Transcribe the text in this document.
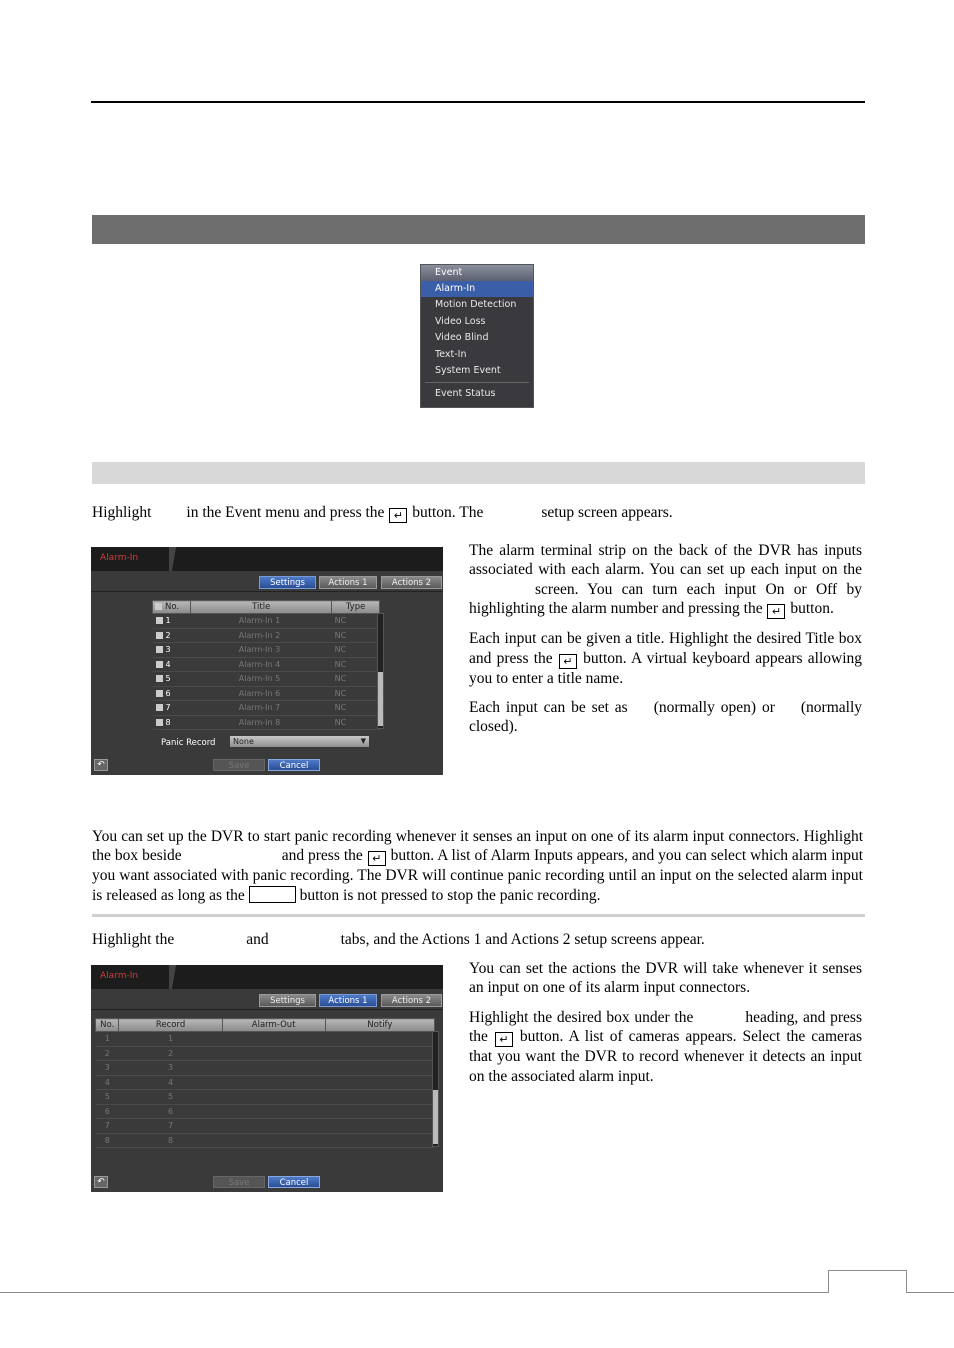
Event
Alarm-In
Motion Detection
Video Loss
Video Blind
Text-In
System Event
Event Status
Highlight in the Event menu and press the ↵ button. The	setup screen appears.
Alarm-In
Settings	Actions 1	Actions 2
No.	Title	Type
1	Alarm-In 1	NC
2	Alarm-In 2	NC
3	Alarm-In 3	NC
4	Alarm-In 4	NC
5	Alarm-In 5	NC
6	Alarm-In 6	NC
7	Alarm-In 7	NC
8	Alarm-In 8	NC
Panic Record	None	▼
↶	Save	Cancel

The alarm terminal strip on the back of the DVR has inputs associated with each alarm. You can set up each input on thescreen. You can turn each input On or Off by highlighting the alarm number and pressing the ↵ button.

Each input can be given a title. Highlight the desired Title box and press the ↵ button. A virtual keyboard appears allowing you to enter a title name.

Each input can be set as (normally open) or (normally closed).

You can set up the DVR to start panic recording whenever it senses an input on one of its alarm input connectors. Highlight the box beside	and press the ↵ button. A list of Alarm Inputs appears, and you can select which alarm input you want associated with panic recording. The DVR will continue panic recording until an input on the selected alarm input is released as long as the	button is not pressed to stop the panic recording.
Highlight the	and	tabs, and the Actions 1 and Actions 2 setup screens appear.
Alarm-In
Settings	Actions 1	Actions 2
No.	Record	Alarm-Out	Notify
1	1		
2	2		
3	3		
4	4		
5	5		
6	6		
7	7		
8	8		
↶	Save	Cancel

You can set the actions the DVR will take whenever it senses an input on one of its alarm input connectors.

Highlight the desired box under the	heading, and press the ↵ button. A list of cameras appears. Select the cameras that you want the DVR to record whenever it detects an input on the associated alarm input.
